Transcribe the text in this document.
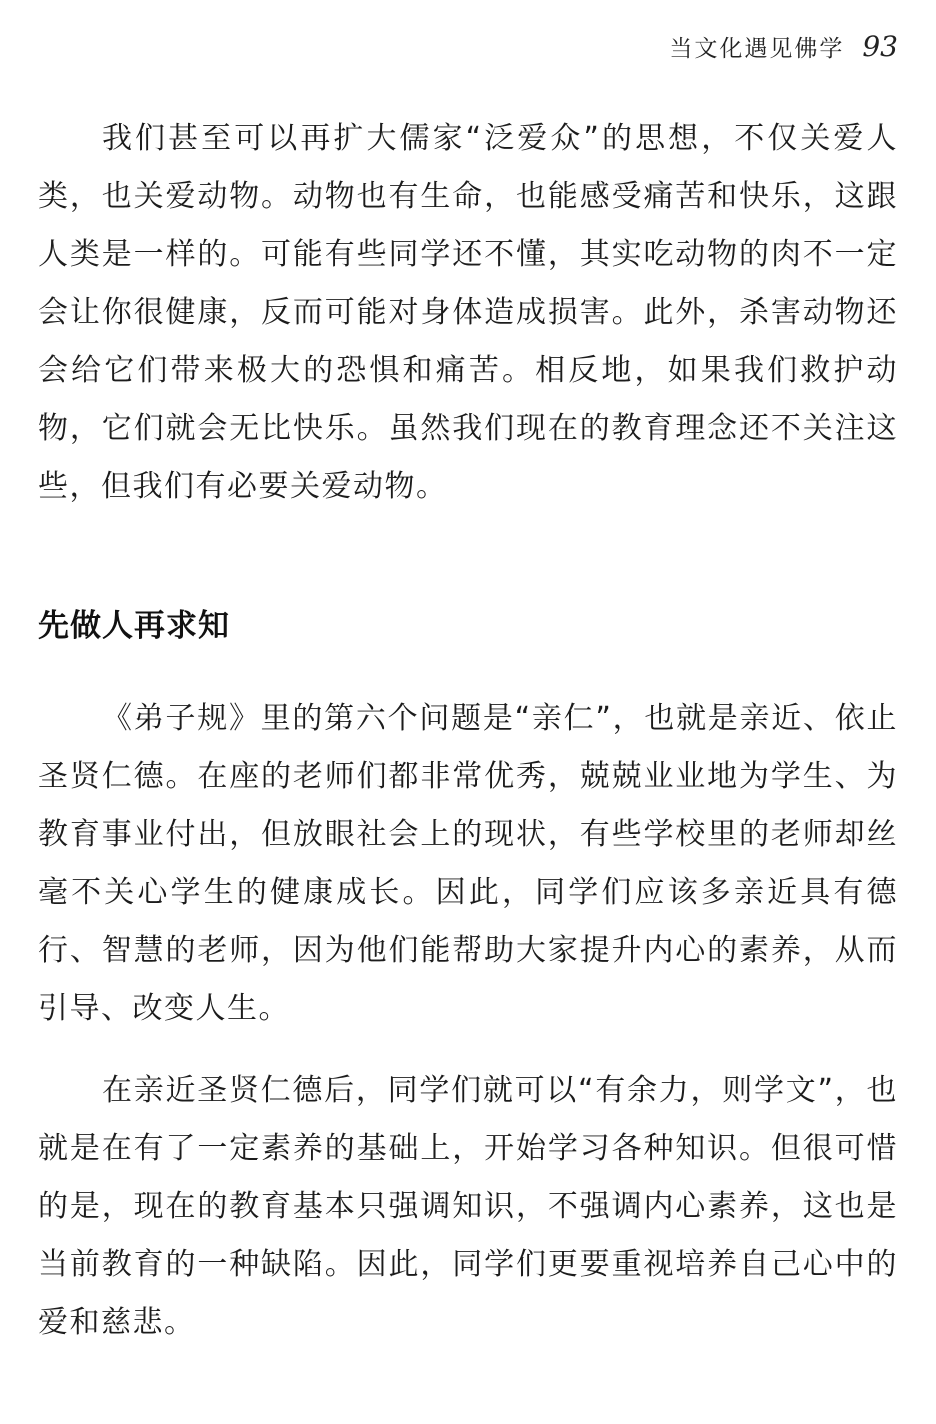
当文化遇见佛学 93

我们甚至可以再扩大儒家“泛爱众”的思想，不仅关爱人类，也关爱动物。动物也有生命，也能感受痛苦和快乐，这跟人类是一样的。可能有些同学还不懂，其实吃动物的肉不一定会让你很健康，反而可能对身体造成损害。此外，杀害动物还会给它们带来极大的恐惧和痛苦。相反地，如果我们救护动物，它们就会无比快乐。虽然我们现在的教育理念还不关注这些，但我们有必要关爱动物。

先做人再求知

《弟子规》里的第六个问题是“亲仁”，也就是亲近、依止圣贤仁德。在座的老师们都非常优秀，兢兢业业地为学生、为教育事业付出，但放眼社会上的现状，有些学校里的老师却丝毫不关心学生的健康成长。因此，同学们应该多亲近具有德行、智慧的老师，因为他们能帮助大家提升内心的素养，从而引导、改变人生。

在亲近圣贤仁德后，同学们就可以“有余力，则学文”，也就是在有了一定素养的基础上，开始学习各种知识。但很可惜的是，现在的教育基本只强调知识，不强调内心素养，这也是当前教育的一种缺陷。因此，同学们更要重视培养自己心中的爱和慈悲。
